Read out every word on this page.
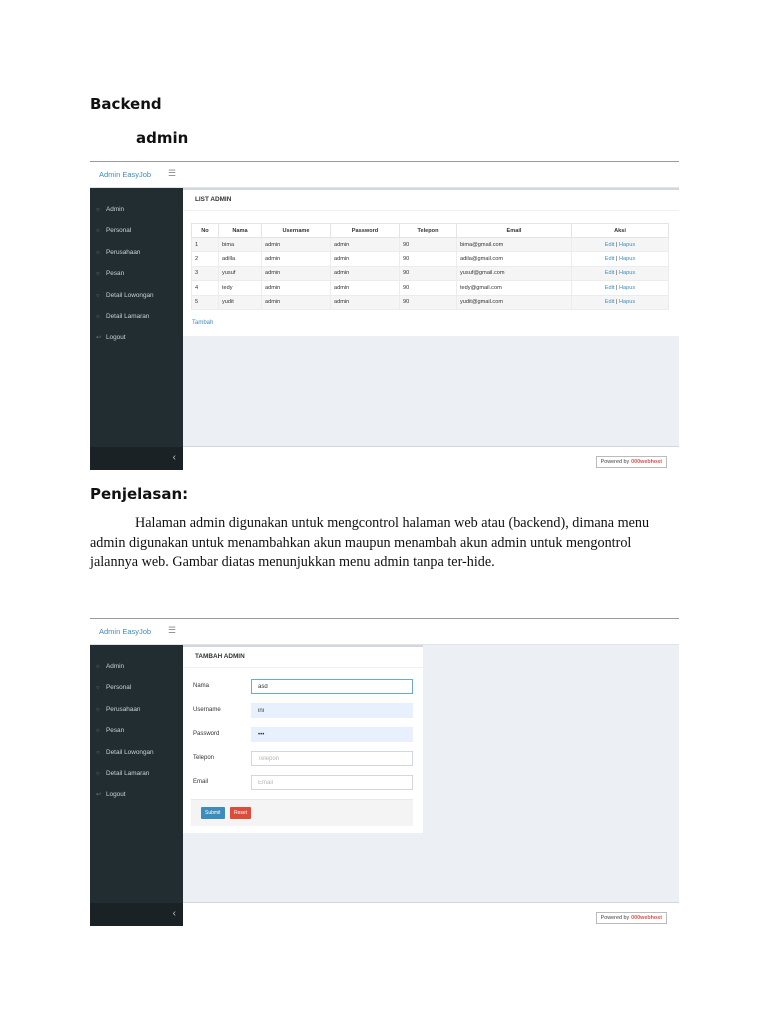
Backend
admin
Admin EasyJob ☰
○ Admin
○ Personal
○ Perusahaan
○ Pesan
○ Detail Lowongan
○ Detail Lamaran
↩ Logout
LIST ADMIN
No	Nama	Username	Password	Telepon	Email	Aksi
1	bima	admin	admin	90	bima@gmail.com	Edit | Hapus
2	adilla	admin	admin	90	adila@gmail.com	Edit | Hapus
3	yusuf	admin	admin	90	yusuf@gmail.com	Edit | Hapus
4	tedy	admin	admin	90	tedy@gmail.com	Edit | Hapus
5	yudit	admin	admin	90	yudit@gmail.com	Edit | Hapus
Tambah
‹	Powered by 000webhost
Penjelasan:

Halaman admin digunakan untuk mengcontrol halaman web atau (backend), dimana menu admin digunakan untuk menambahkan akun maupun menambah akun admin untuk mengontrol jalannya web. Gambar diatas menunjukkan menu admin tanpa ter-hide.

Admin EasyJob ☰
○ Admin
○ Personal
○ Perusahaan
○ Pesan
○ Detail Lowongan
○ Detail Lamaran
↩ Logout
TAMBAH ADMIN
Nama
asd
Username
ini
Password
•••
Telepon
Telepon
Email
Email
Submit	Reset
‹	Powered by 000webhost
